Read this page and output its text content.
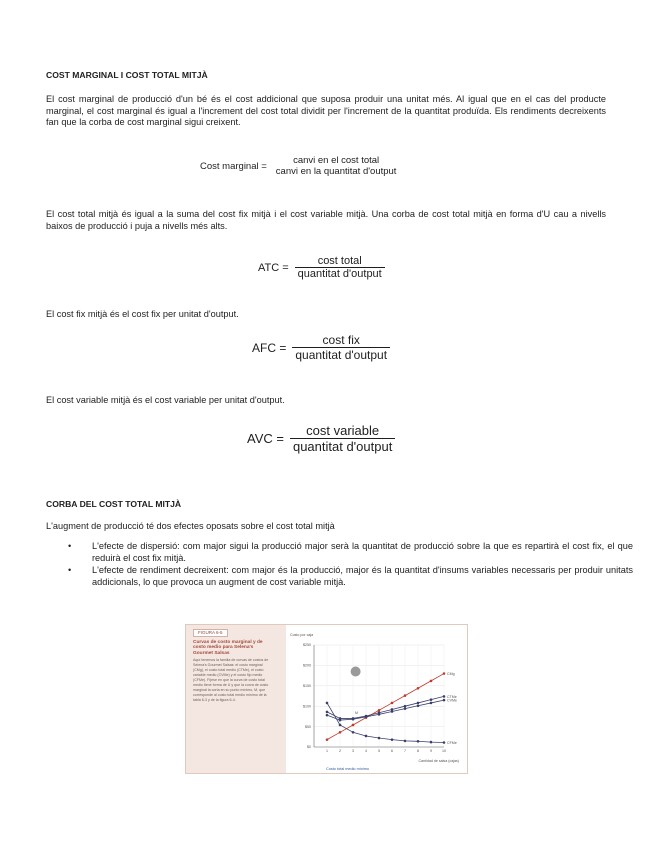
COST MARGINAL I COST TOTAL MITJÀ
El cost marginal de producció d'un bé és el cost addicional que suposa produir una unitat més. Al igual que en el cas del producte marginal, el cost marginal és igual a l'increment del cost total dividit per l'increment de la quantitat produïda. Els rendiments decreixents fan que la corba de cost marginal sigui creixent.
Cost marginal =	canvi en el cost total
canvi en la quantitat d'output
El cost total mitjà és igual a la suma del cost fix mitjà i el cost variable mitjà. Una corba de cost total mitjà en forma d'U cau a nivells baixos de producció i puja a nivells més alts.
ATC = $\frac{\text{cost total}}{\text{quantitat d'output}}$
El cost fix mitjà és el cost fix per unitat d'output.
AFC = $\frac{\text{cost fix}}{\text{quantitat d'output}}$
El cost variable mitjà és el cost variable per unitat d'output.
AVC = $\frac{\text{cost variable}}{\text{quantitat d'output}}$
CORBA DEL COST TOTAL MITJÀ
L'augment de producció té dos efectes oposats sobre el cost total mitjà
• L'efecte de dispersió: com major sigui la producció major serà la quantitat de producció sobre la que es repartirà el cost fix, el que reduirà el cost fix mitjà.
• L'efecte de rendiment decreixent: com major és la producció, major és la quantitat d'insums variables necessaris per produir unitats addicionals, lo que provoca un augment de cost variable mitjà.
FIGURA 6-5
Curvas de costo marginal y de costo medio para Selena's Gourmet Salsas
Aquí tenemos la familia de curvas de costos de Selena's Gourmet Salsas: el costo marginal (CMg), el costo total medio (CTMe), el costo variable medio (CVMe) y el costo fijo medio (CFMe). Fíjese en que la curva de costo total medio tiene forma de U y que la curva de costo marginal la corta en su punto mínimo, M, que corresponde al costo total medio mínimo de la tabla 6-3 y de la figura 6-4.
Costo por caja
$0
$50
$100
$150
$200
$250
1	2	3	4	5	6	7	8	9	10
CMg
CTMe
CVMe
CFMe
M
Cantidad de salsa (cajas)
Costo total medio mínimo
